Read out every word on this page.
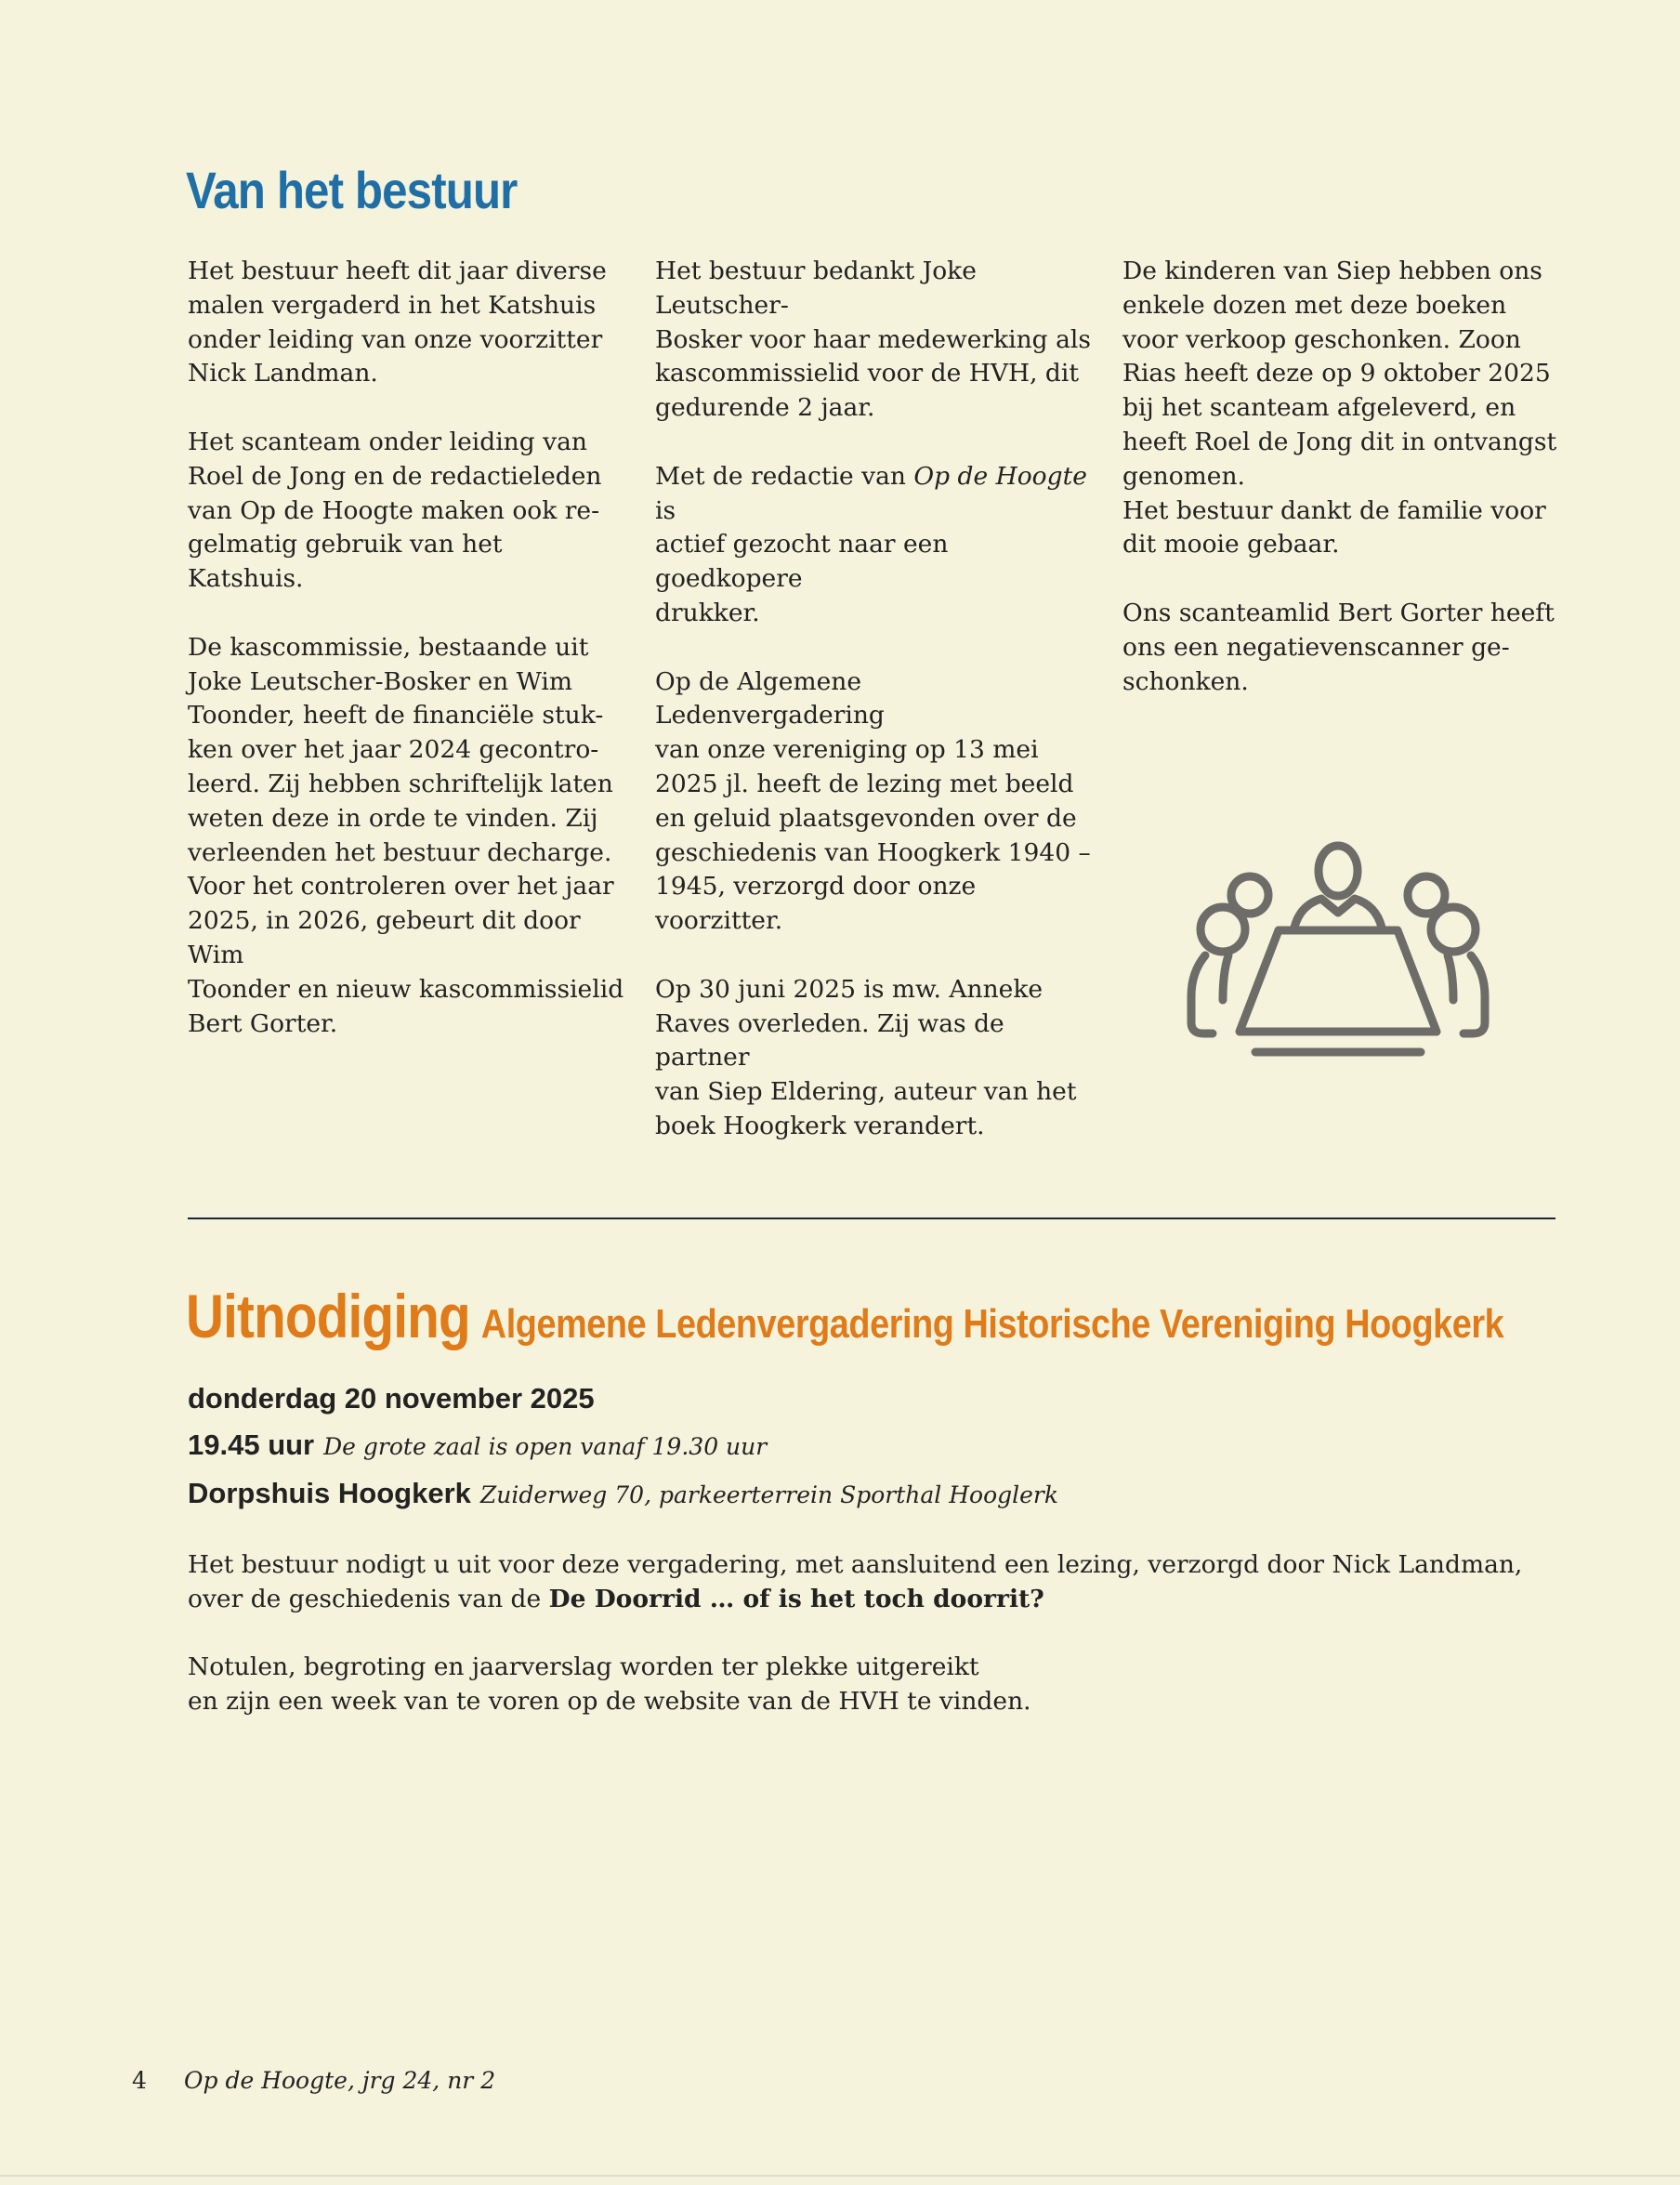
Van het bestuur

Het bestuur heeft dit jaar diverse
malen vergaderd in het Katshuis
onder leiding van onze voorzitter
Nick Landman.

Het scanteam onder leiding van
Roel de Jong en de redactieleden
van Op de Hoogte maken ook re-
gelmatig gebruik van het Katshuis.

De kascommissie, bestaande uit
Joke Leutscher-Bosker en Wim
Toonder, heeft de financiële stuk-
ken over het jaar 2024 gecontro-
leerd. Zij hebben schriftelijk laten
weten deze in orde te vinden. Zij
verleenden het bestuur decharge.
Voor het controleren over het jaar
2025, in 2026, gebeurt dit door Wim
Toonder en nieuw kascommissielid
Bert Gorter.

Het bestuur bedankt Joke Leutscher-
Bosker voor haar medewerking als
kascommissielid voor de HVH, dit
gedurende 2 jaar.

Met de redactie van Op de Hoogte is
actief gezocht naar een goedkopere
drukker.

Op de Algemene Ledenvergadering
van onze vereniging op 13 mei
2025 jl. heeft de lezing met beeld
en geluid plaatsgevonden over de
geschiedenis van Hoogkerk 1940 –
1945, verzorgd door onze voorzitter.

Op 30 juni 2025 is mw. Anneke
Raves overleden. Zij was de partner
van Siep Eldering, auteur van het
boek Hoogkerk verandert.

De kinderen van Siep hebben ons
enkele dozen met deze boeken
voor verkoop geschonken. Zoon
Rias heeft deze op 9 oktober 2025
bij het scanteam afgeleverd, en
heeft Roel de Jong dit in ontvangst
genomen.

Het bestuur dankt de familie voor
dit mooie gebaar.

Ons scanteamlid Bert Gorter heeft
ons een negatievenscanner ge-
schonken.

Uitnodiging Algemene Ledenvergadering Historische Vereniging Hoogkerk
donderdag 20 november 2025
19.45 uur De grote zaal is open vanaf 19.30 uur
Dorpshuis Hoogkerk Zuiderweg 70, parkeerterrein Sporthal Hooglerk

Het bestuur nodigt u uit voor deze vergadering, met aansluitend een lezing, verzorgd door Nick Landman,
over de geschiedenis van de De Doorrid … of is het toch doorrit?

Notulen, begroting en jaarverslag worden ter plekke uitgereikt
en zijn een week van te voren op de website van de HVH te vinden.

4 Op de Hoogte, jrg 24, nr 2
